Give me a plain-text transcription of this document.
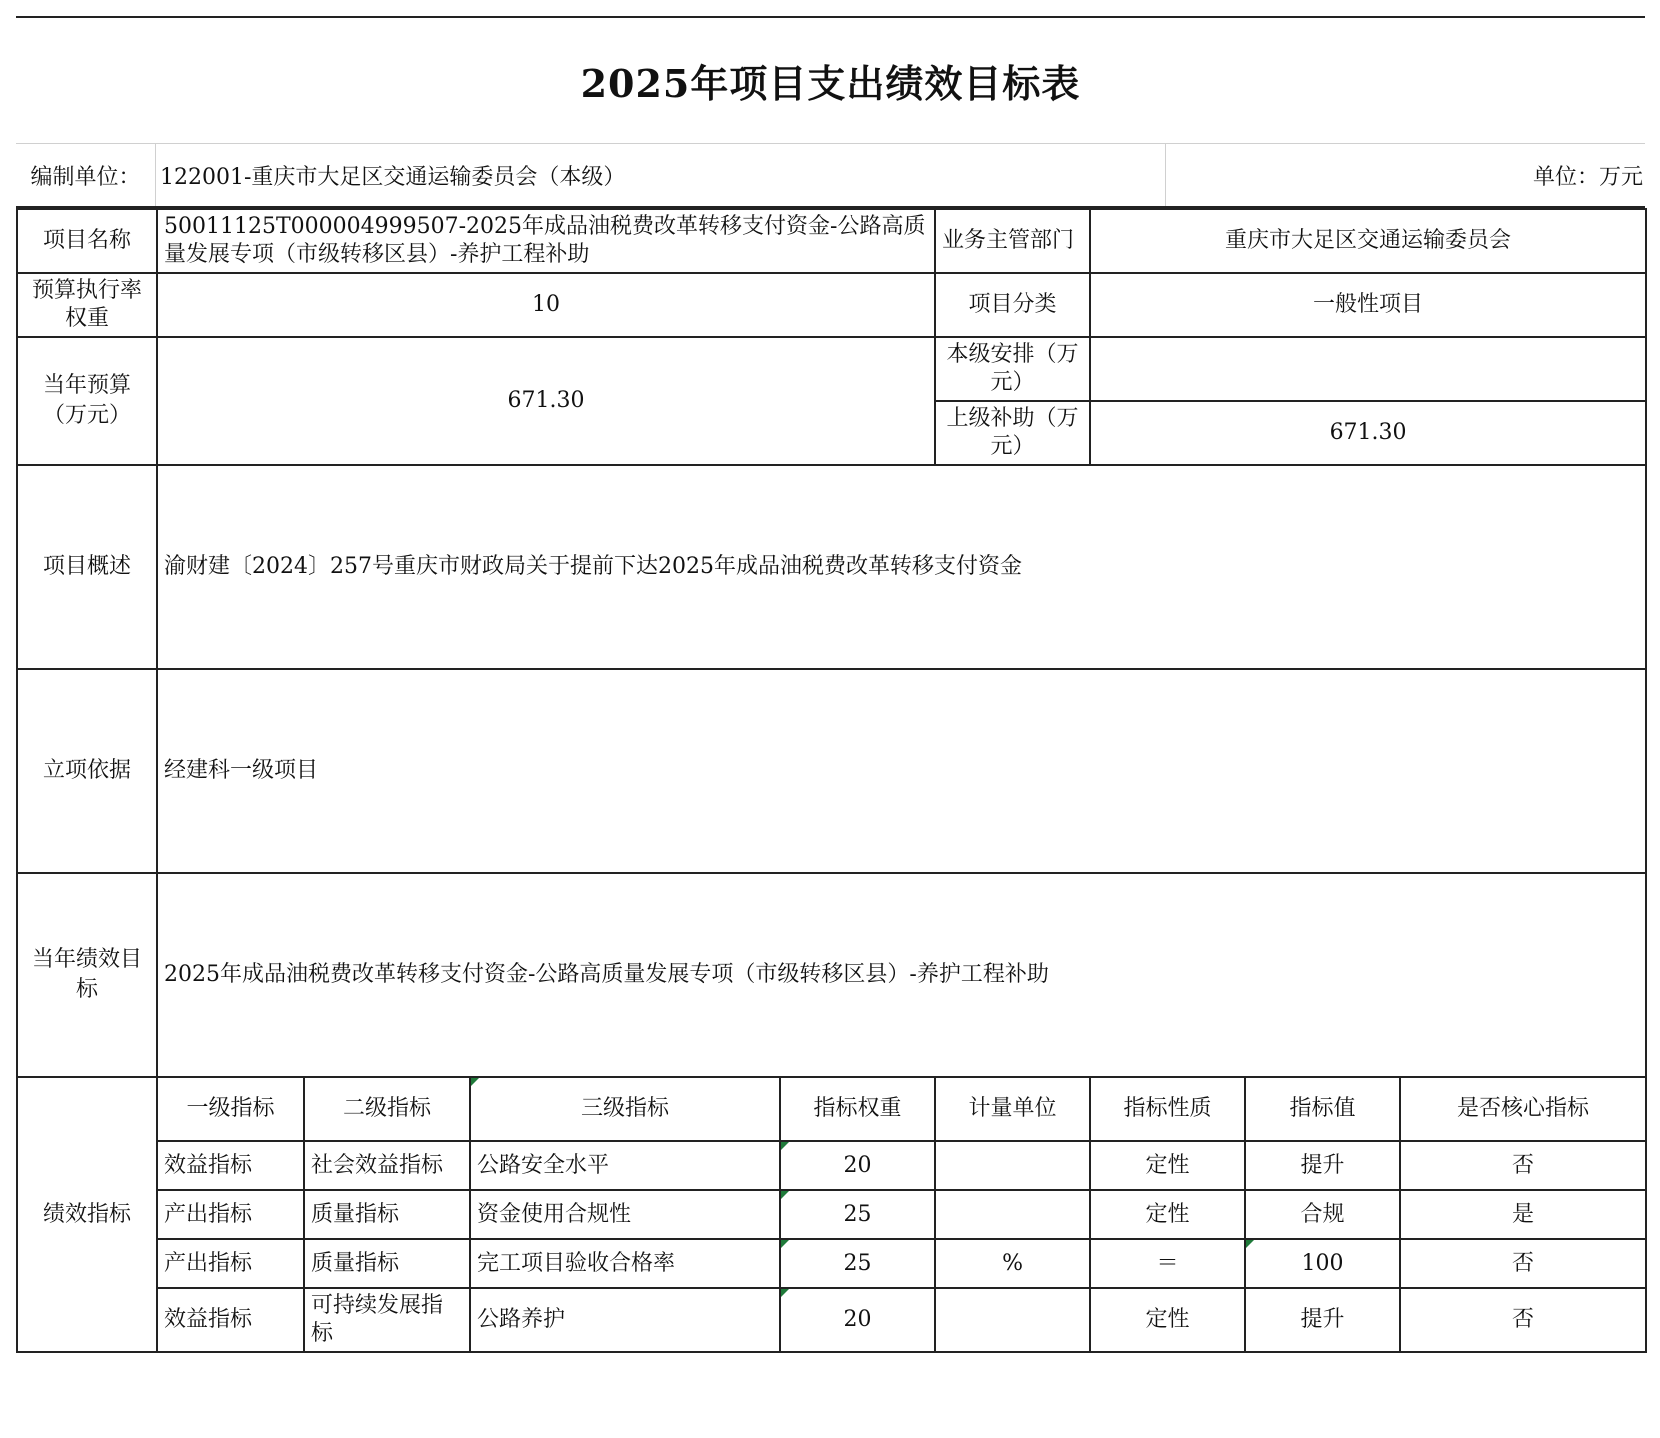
2025年项目支出绩效目标表
编制单位： 122001-重庆市大足区交通运输委员会（本级）	单位：万元
项目名称	50011125T000004999507-2025年成品油税费改革转移支付资金-公路高质量发展专项（市级转移区县）-养护工程补助				业务主管部门	重庆市大足区交通运输委员会		
预算执行率权重	10				项目分类	一般性项目		
当年预算（万元）	671.30				本级安排（万元）			
					上级补助（万元）	671.30		
项目概述	渝财建〔2024〕257号重庆市财政局关于提前下达2025年成品油税费改革转移支付资金							
立项依据	经建科一级项目							
当年绩效目标	2025年成品油税费改革转移支付资金-公路高质量发展专项（市级转移区县）-养护工程补助							
绩效指标	一级指标	二级指标	三级指标	指标权重	计量单位	指标性质	指标值	是否核心指标
	效益指标	社会效益指标	公路安全水平	20		定性	提升	否
	产出指标	质量指标	资金使用合规性	25		定性	合规	是
	产出指标	质量指标	完工项目验收合格率	25	%	＝	100	否
	效益指标	可持续发展指标	公路养护	20		定性	提升	否
